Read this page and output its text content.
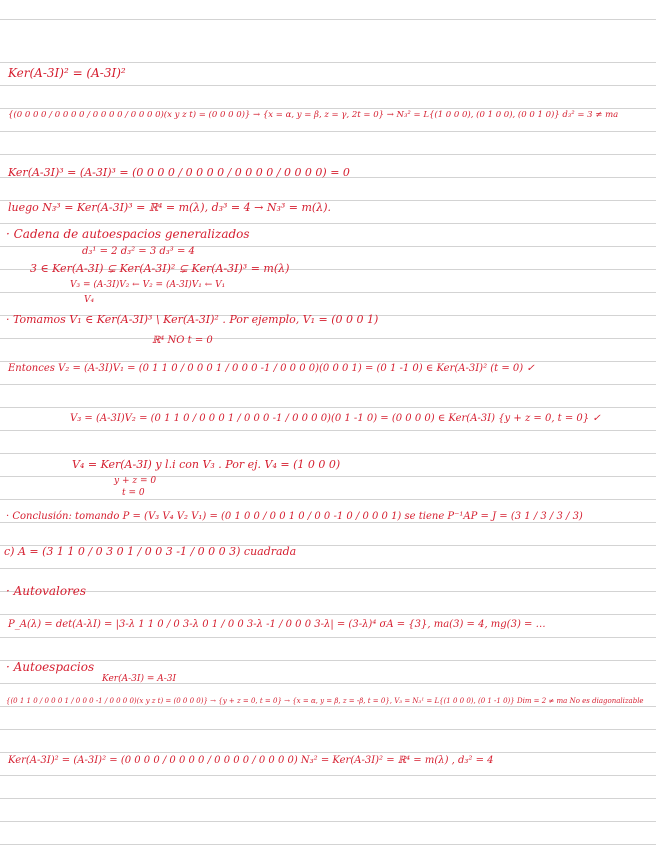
Ker(A-3I)² = (A-3I)²
{(0 0 0 0 / 0 0 0 0 / 0 0 0 0 / 0 0 0 0)(x y z t) = (0 0 0 0)} → {x = α, y = β, z = γ, 2t = 0} → N₃² = L{(1 0 0 0), (0 1 0 0), (0 0 1 0)} d₃² = 3 ≠ ma
Ker(A-3I)³ = (A-3I)³ = (0 0 0 0 / 0 0 0 0 / 0 0 0 0 / 0 0 0 0) = 0
luego N₃³ = Ker(A-3I)³ = ℝ⁴ = m(λ), d₃³ = 4 → N₃³ = m(λ).
· Cadena de autoespacios generalizados
d₃¹ = 2 d₃² = 3 d₃³ = 4
3 ∈ Ker(A-3I) ⊊ Ker(A-3I)² ⊊ Ker(A-3I)³ = m(λ)
V₃ = (A-3I)V₂ ← V₂ = (A-3I)V₁ ← V₁
V₄
· Tomamos V₁ ∈ Ker(A-3I)³ \ Ker(A-3I)² . Por ejemplo, V₁ = (0 0 0 1)
ℝ⁴ NO t = 0
Entonces V₂ = (A-3I)V₁ = (0 1 1 0 / 0 0 0 1 / 0 0 0 -1 / 0 0 0 0)(0 0 0 1) = (0 1 -1 0) ∈ Ker(A-3I)² (t = 0) ✓
V₃ = (A-3I)V₂ = (0 1 1 0 / 0 0 0 1 / 0 0 0 -1 / 0 0 0 0)(0 1 -1 0) = (0 0 0 0) ∈ Ker(A-3I) {y + z = 0, t = 0} ✓
V₄ = Ker(A-3I) y l.i con V₃ . Por ej. V₄ = (1 0 0 0)
y + z = 0
t = 0
· Conclusión: tomando P = (V₃ V₄ V₂ V₁) = (0 1 0 0 / 0 0 1 0 / 0 0 -1 0 / 0 0 0 1) se tiene P⁻¹AP = J = (3 1 / 3 / 3 / 3)
c) A = (3 1 1 0 / 0 3 0 1 / 0 0 3 -1 / 0 0 0 3) cuadrada
· Autovalores
P_A(λ) = det(A-λI) = |3-λ 1 1 0 / 0 3-λ 0 1 / 0 0 3-λ -1 / 0 0 0 3-λ| = (3-λ)⁴ σA = {3}, ma(3) = 4, mg(3) = …
· Autoespacios
Ker(A-3I) = A-3I
{(0 1 1 0 / 0 0 0 1 / 0 0 0 -1 / 0 0 0 0)(x y z t) = (0 0 0 0)} → {y + z = 0, t = 0} → {x = α, y = β, z = -β, t = 0}, V₃ = N₃¹ = L{(1 0 0 0), (0 1 -1 0)} Dim = 2 ≠ ma No es diagonalizable
Ker(A-3I)² = (A-3I)² = (0 0 0 0 / 0 0 0 0 / 0 0 0 0 / 0 0 0 0) N₃² = Ker(A-3I)² = ℝ⁴ = m(λ) , d₃² = 4
